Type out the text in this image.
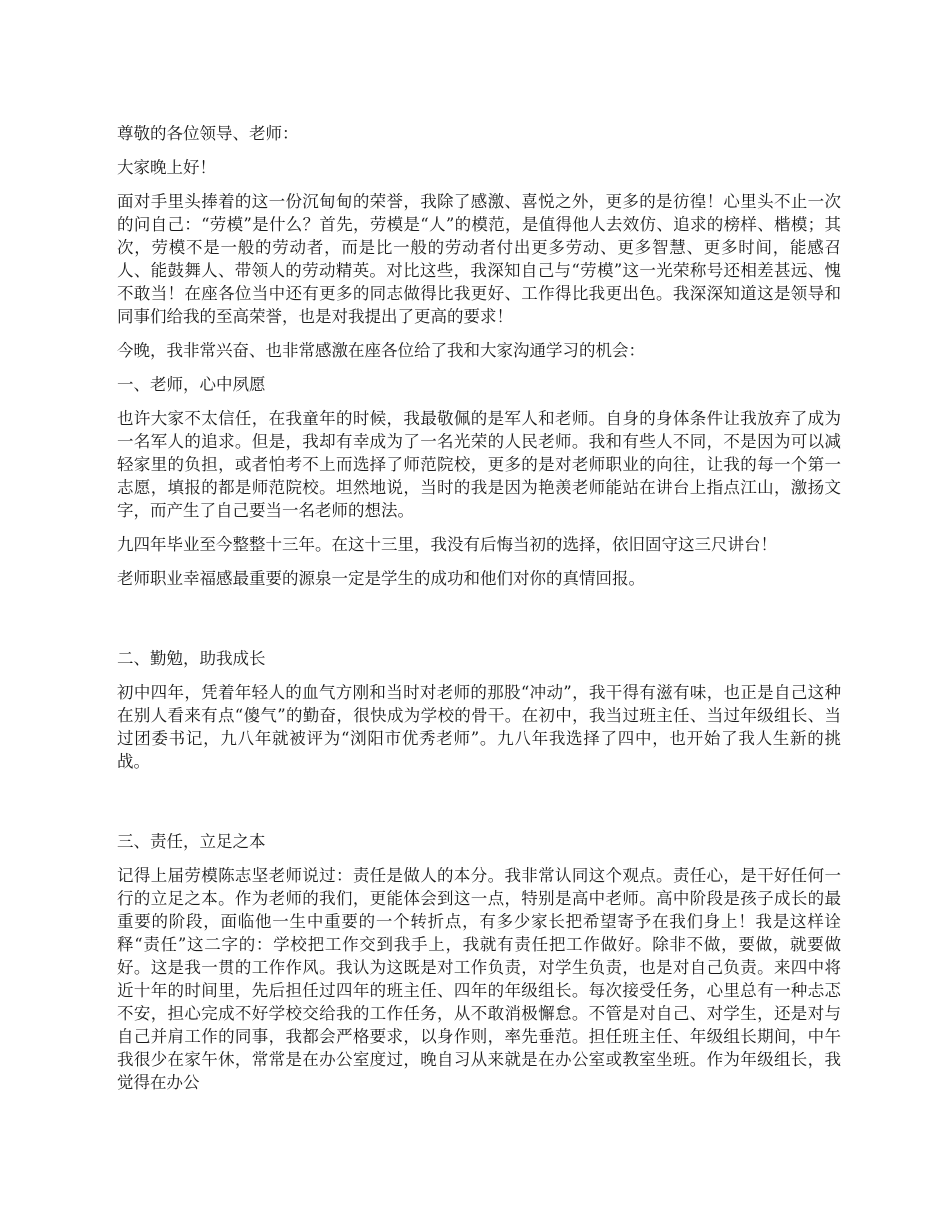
尊敬的各位领导、老师：

大家晚上好！

面对手里头捧着的这一份沉甸甸的荣誉，我除了感激、喜悦之外，更多的是彷徨！心里头不止一次的问自己：“劳模”是什么？首先，劳模是“人”的模范，是值得他人去效仿、追求的榜样、楷模；其次，劳模不是一般的劳动者，而是比一般的劳动者付出更多劳动、更多智慧、更多时间，能感召人、能鼓舞人、带领人的劳动精英。对比这些，我深知自己与“劳模”这一光荣称号还相差甚远、愧不敢当！在座各位当中还有更多的同志做得比我更好、工作得比我更出色。我深深知道这是领导和同事们给我的至高荣誉，也是对我提出了更高的要求！

今晚，我非常兴奋、也非常感激在座各位给了我和大家沟通学习的机会：

一、老师，心中夙愿

也许大家不太信任，在我童年的时候，我最敬佩的是军人和老师。自身的身体条件让我放弃了成为一名军人的追求。但是，我却有幸成为了一名光荣的人民老师。我和有些人不同，不是因为可以减轻家里的负担，或者怕考不上而选择了师范院校，更多的是对老师职业的向往，让我的每一个第一志愿，填报的都是师范院校。坦然地说，当时的我是因为艳羡老师能站在讲台上指点江山，激扬文字，而产生了自己要当一名老师的想法。

九四年毕业至今整整十三年。在这十三里，我没有后悔当初的选择，依旧固守这三尺讲台！

老师职业幸福感最重要的源泉一定是学生的成功和他们对你的真情回报。

二、勤勉，助我成长

初中四年，凭着年轻人的血气方刚和当时对老师的那股“冲动”，我干得有滋有味，也正是自己这种在别人看来有点“傻气”的勤奋，很快成为学校的骨干。在初中，我当过班主任、当过年级组长、当过团委书记，九八年就被评为“浏阳市优秀老师”。九八年我选择了四中，也开始了我人生新的挑战。

三、责任，立足之本

记得上届劳模陈志坚老师说过：责任是做人的本分。我非常认同这个观点。责任心，是干好任何一行的立足之本。作为老师的我们，更能体会到这一点，特别是高中老师。高中阶段是孩子成长的最重要的阶段，面临他一生中重要的一个转折点，有多少家长把希望寄予在我们身上！我是这样诠释“责任”这二字的：学校把工作交到我手上，我就有责任把工作做好。除非不做，要做，就要做好。这是我一贯的工作作风。我认为这既是对工作负责，对学生负责，也是对自己负责。来四中将近十年的时间里，先后担任过四年的班主任、四年的年级组长。每次接受任务，心里总有一种忐忑不安，担心完成不好学校交给我的工作任务，从不敢消极懈怠。不管是对自己、对学生，还是对与自己并肩工作的同事，我都会严格要求，以身作则，率先垂范。担任班主任、年级组长期间，中午我很少在家午休，常常是在办公室度过，晚自习从来就是在办公室或教室坐班。作为年级组长，我觉得在办公
